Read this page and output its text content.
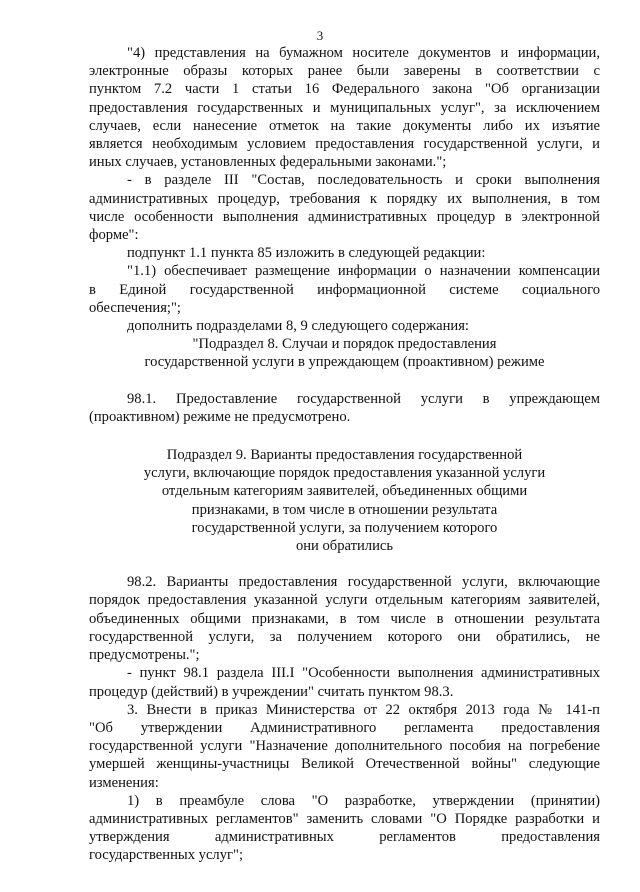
3
"4) представления на бумажном носителе документов и информации,
электронные образы которых ранее были заверены в соответствии с
пунктом 7.2 части 1 статьи 16 Федерального закона "Об организации
предоставления государственных и муниципальных услуг", за исключением
случаев, если нанесение отметок на такие документы либо их изъятие
является необходимым условием предоставления государственной услуги, и
иных случаев, установленных федеральными законами.";
- в разделе III "Состав, последовательность и сроки выполнения
административных процедур, требования к порядку их выполнения, в том
числе особенности выполнения административных процедур в электронной
форме":
подпункт 1.1 пункта 85 изложить в следующей редакции:
"1.1) обеспечивает размещение информации о назначении компенсации
в Единой государственной информационной системе социального
обеспечения;";
дополнить подразделами 8, 9 следующего содержания:
"Подраздел 8. Случаи и порядок предоставления
государственной услуги в упреждающем (проактивном) режиме
98.1. Предоставление государственной услуги в упреждающем
(проактивном) режиме не предусмотрено.
Подраздел 9. Варианты предоставления государственной
услуги, включающие порядок предоставления указанной услуги
отдельным категориям заявителей, объединенных общими
признаками, в том числе в отношении результата
государственной услуги, за получением которого
они обратились
98.2. Варианты предоставления государственной услуги, включающие
порядок предоставления указанной услуги отдельным категориям заявителей,
объединенных общими признаками, в том числе в отношении результата
государственной услуги, за получением которого они обратились, не
предусмотрены.";
- пункт 98.1 раздела III.I "Особенности выполнения административных
процедур (действий) в учреждении" считать пунктом 98.3.
3. Внести в приказ Министерства от 22 октября 2013 года № 141-п
"Об утверждении Административного регламента предоставления
государственной услуги "Назначение дополнительного пособия на погребение
умершей женщины-участницы Великой Отечественной войны" следующие
изменения:
1) в преамбуле слова "О разработке, утверждении (принятии)
административных регламентов" заменить словами "О Порядке разработки и
утверждения административных регламентов предоставления
государственных услуг";
